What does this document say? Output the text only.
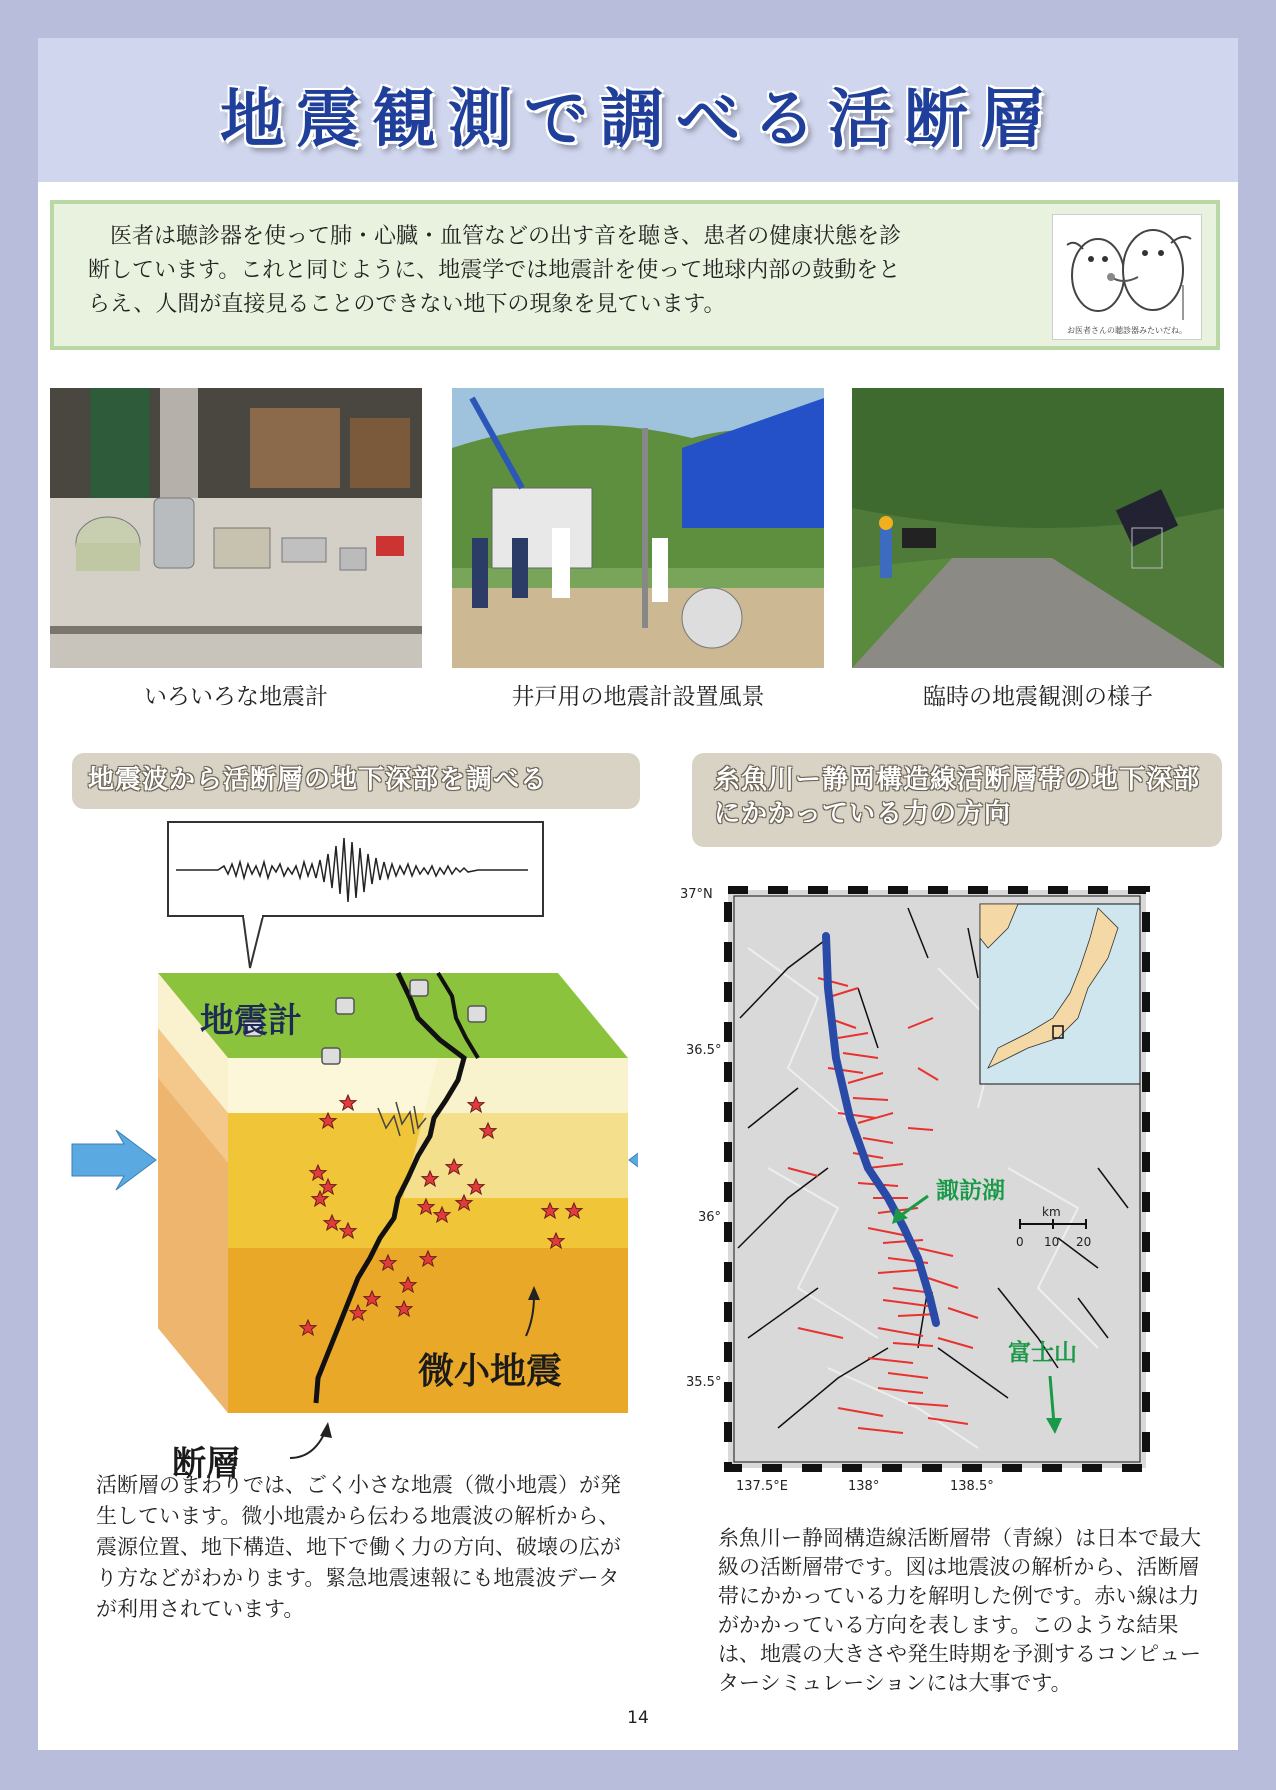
地震観測で調べる活断層
　医者は聴診器を使って肺・心臓・血管などの出す音を聴き、患者の健康状態を診断しています。これと同じように、地震学では地震計を使って地球内部の鼓動をとらえ、人間が直接見ることのできない地下の現象を見ています。
お医者さんの聴診器みたいだね。
いろいろな地震計	井戸用の地震計設置風景	臨時の地震観測の様子
地震波から活断層の地下深部を調べる
地震計
微小地震
断層
活断層のまわりでは、ごく小さな地震（微小地震）が発生しています。微小地震から伝わる地震波の解析から、震源位置、地下構造、地下で働く力の方向、破壊の広がり方などがわかります。緊急地震速報にも地震波データが利用されています。
糸魚川ー静岡構造線活断層帯の地下深部にかかっている力の方向
37°N
36.5°
36°
35.5°
137.5°E	138°	138.5°
諏訪湖
富士山
km
0 10 20
糸魚川ー静岡構造線活断層帯（青線）は日本で最大級の活断層帯です。図は地震波の解析から、活断層帯にかかっている力を解明した例です。赤い線は力がかかっている方向を表します。このような結果は、地震の大きさや発生時期を予測するコンピューターシミュレーションには大事です。
14
